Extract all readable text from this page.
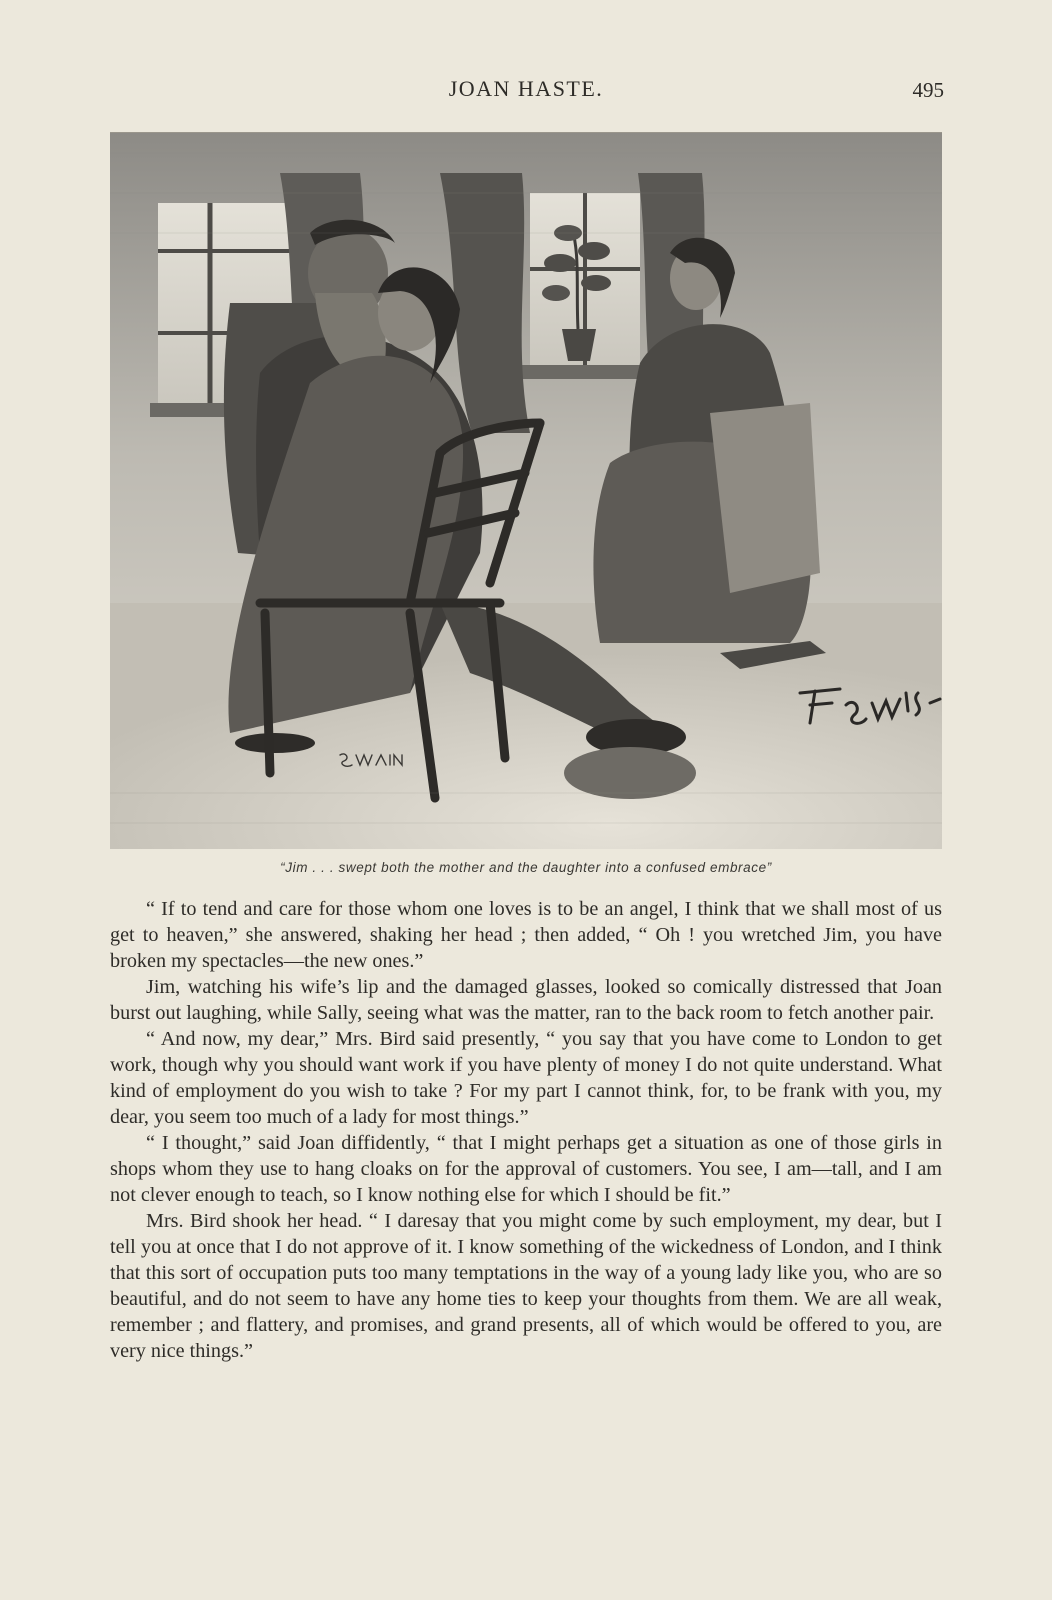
JOAN HASTE.	495
“Jim . . . swept both the mother and the daughter into a confused embrace”

“ If to tend and care for those whom one loves is to be an angel, I think that we shall most of us get to heaven,” she answered, shaking her head ; then added, “ Oh ! you wretched Jim, you have broken my spectacles—the new ones.”

Jim, watching his wife’s lip and the damaged glasses, looked so comically distressed that Joan burst out laughing, while Sally, seeing what was the matter, ran to the back room to fetch another pair.

“ And now, my dear,” Mrs. Bird said presently, “ you say that you have come to London to get work, though why you should want work if you have plenty of money I do not quite understand. What kind of employment do you wish to take ? For my part I cannot think, for, to be frank with you, my dear, you seem too much of a lady for most things.”

“ I thought,” said Joan diffidently, “ that I might perhaps get a situation as one of those girls in shops whom they use to hang cloaks on for the approval of customers. You see, I am—tall, and I am not clever enough to teach, so I know nothing else for which I should be fit.”

Mrs. Bird shook her head. “ I daresay that you might come by such employment, my dear, but I tell you at once that I do not approve of it. I know something of the wickedness of London, and I think that this sort of occupation puts too many temptations in the way of a young lady like you, who are so beautiful, and do not seem to have any home ties to keep your thoughts from them. We are all weak, remember ; and flattery, and promises, and grand presents, all of which would be offered to you, are very nice things.”
